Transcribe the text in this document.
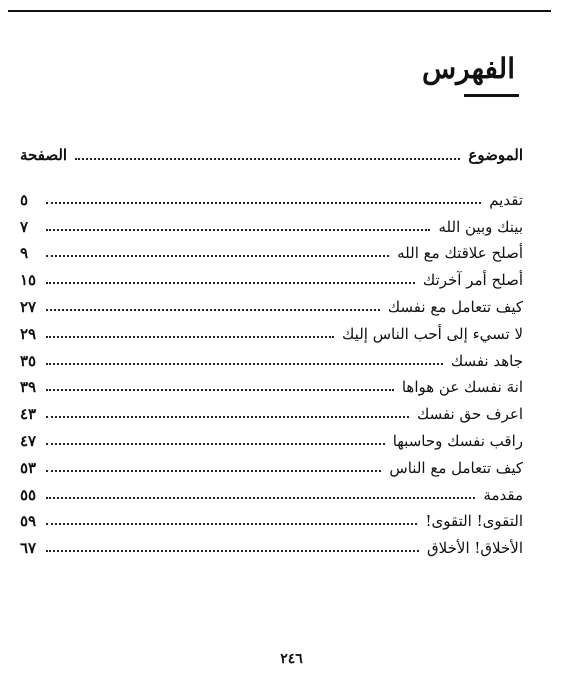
الفهرس
الموضوع
الصفحة
تقديم
٥
بينك وبين الله
٧
أصلح علاقتك مع الله
٩
أصلح أمر آخرتك
١٥
كيف تتعامل مع نفسك
٢٧
لا تسيء إلى أحب الناس إليك
٢٩
جاهد نفسك
٣٥
انهَ نفسك عن هواها
٣٩
اعرف حق نفسك
٤٣
راقب نفسك وحاسبها
٤٧
كيف تتعامل مع الناس
٥٣
مقدمة
٥٥
التقوى! التقوى!
٥٩
الأخلاق! الأخلاق
٦٧
٢٤٦
